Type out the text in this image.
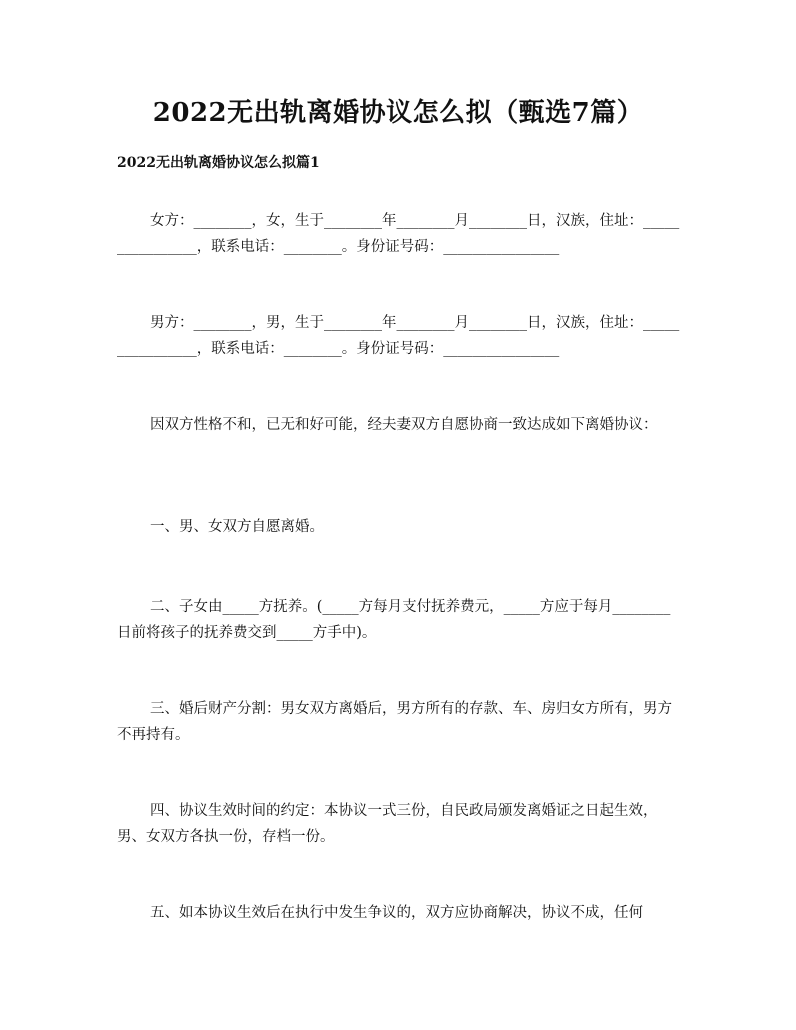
2022无出轨离婚协议怎么拟（甄选7篇）
2022无出轨离婚协议怎么拟篇1

女方：________，女，生于________年________月________日，汉族，住址：________________，联系电话：________。身份证号码：________________

男方：________，男，生于________年________月________日，汉族，住址：________________，联系电话：________。身份证号码：________________

因双方性格不和，已无和好可能，经夫妻双方自愿协商一致达成如下离婚协议：

一、男、女双方自愿离婚。

二、子女由_____方抚养。(_____方每月支付抚养费元，_____方应于每月________日前将孩子的抚养费交到_____方手中)。

三、婚后财产分割：男女双方离婚后，男方所有的存款、车、房归女方所有，男方不再持有。

四、协议生效时间的约定：本协议一式三份，自民政局颁发离婚证之日起生效，男、女双方各执一份，存档一份。

五、如本协议生效后在执行中发生争议的，双方应协商解决，协议不成，任何
